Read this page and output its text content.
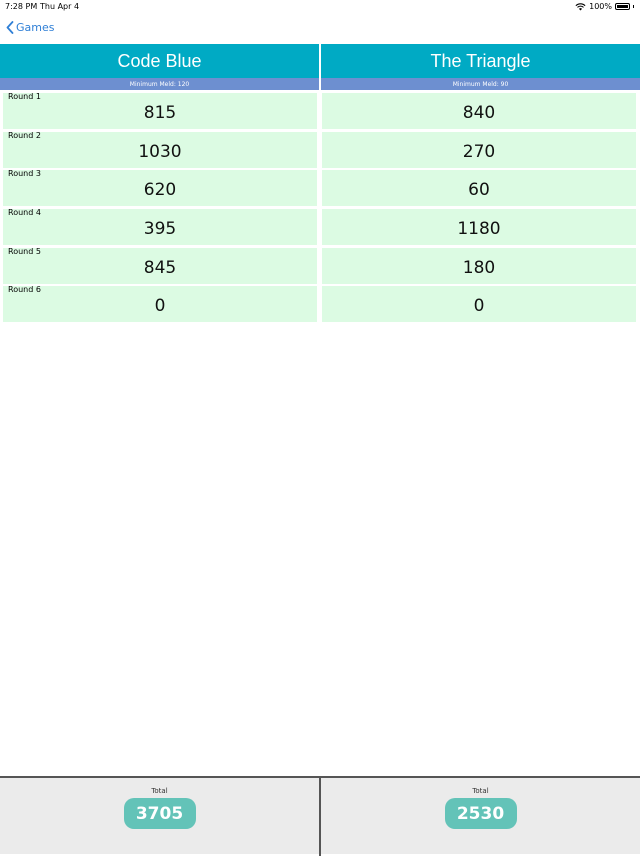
7:28 PM Thu Apr 4	100%
Games
Code Blue	The Triangle
Minimum Meld: 120	Minimum Meld: 90
Round 1
815	840
Round 2
1030	270
Round 3
620	60
Round 4
395	1180
Round 5
845	180
Round 6
0	0
Total
3705
Total
2530
